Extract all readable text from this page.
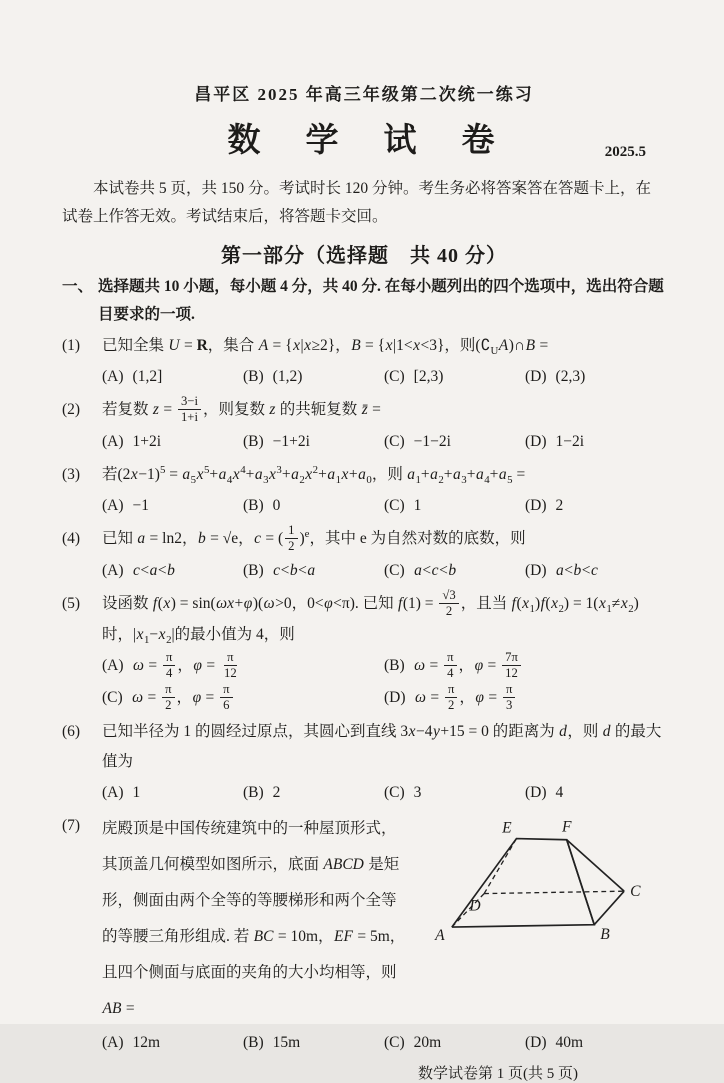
昌平区 2025 年高三年级第二次统一练习
数　学　试　卷	2025.5

本试卷共 5 页，共 150 分。考试时长 120 分钟。考生务必将答案答在答题卡上，在试卷上作答无效。考试结束后，将答题卡交回。

第一部分（选择题　共 40 分）
一、 选择题共 10 小题，每小题 4 分，共 40 分. 在每小题列出的四个选项中，选出符合题目要求的一项.
(1)	已知全集 U = R，集合 A = {x|x≥2}，B = {x|1<x<3}，则$(∁_UA)\cap B$ =
(A) (1,2]	(B) (1,2)	(C) [2,3)	(D) (2,3)
(2)	若复数 $z = \frac{3-i}{1+i}$ ，则复数 z 的共轭复数 z̄ =
(A) 1+2i	(B) −1+2i	(C) −1−2i	(D) 1−2i
(3)	若$(2x-1)^5 = a_5x^5+a_4x^4+a_3x^3+a_2x^2+a_1x+a_0$，则 $a_1+a_2+a_3+a_4+a_5$ =
(A) −1	(B) 0	(C) 1	(D) 2
(4)	已知 a = ln2，b = √e，c = ( $\frac{1}{2} )^e$，其中 e 为自然对数的底数，则
(A) c<a<b	(B) c<b<a	(C) a<c<b	(D) a<b<c
(5)	设函数 f(x) = sin(ωx+φ)(ω>0，0<φ<π). 已知 $f(1) = \frac{√3}{2}$ ，且当 $f(x_1)f(x_2) = 1(x_1\ne x_2)$时，$|x_1-x_2|$的最小值为 4，则
(A) $\omega = \frac{\pi}{4}$ ，$\varphi = \frac{\pi}{12}$	(B) $\omega = \frac{\pi}{4}$ ，$\varphi = \frac{7\pi}{12}$
(C) $\omega = \frac{\pi}{2}$ ，$\varphi = \frac{\pi}{6}$	(D) $\omega = \frac{\pi}{2}$ ，$\varphi = \frac{\pi}{3}$
(6)	已知半径为 1 的圆经过原点，其圆心到直线 3x−4y+15 = 0 的距离为 d，则 d 的最大值为
(A) 1	(B) 2	(C) 3	(D) 4
(7)	庑殿顶是中国传统建筑中的一种屋顶形式，其顶盖几何模型如图所示，底面 ABCD 是矩形，侧面由两个全等的等腰梯形和两个全等的等腰三角形组成. 若 BC = 10m，EF = 5m，且四个侧面与底面的夹角的大小均相等，则 AB =
E	F
A	B
C
D
(A) 12m	(B) 15m	(C) 20m	(D) 40m
数学试卷第 1 页(共 5 页)
